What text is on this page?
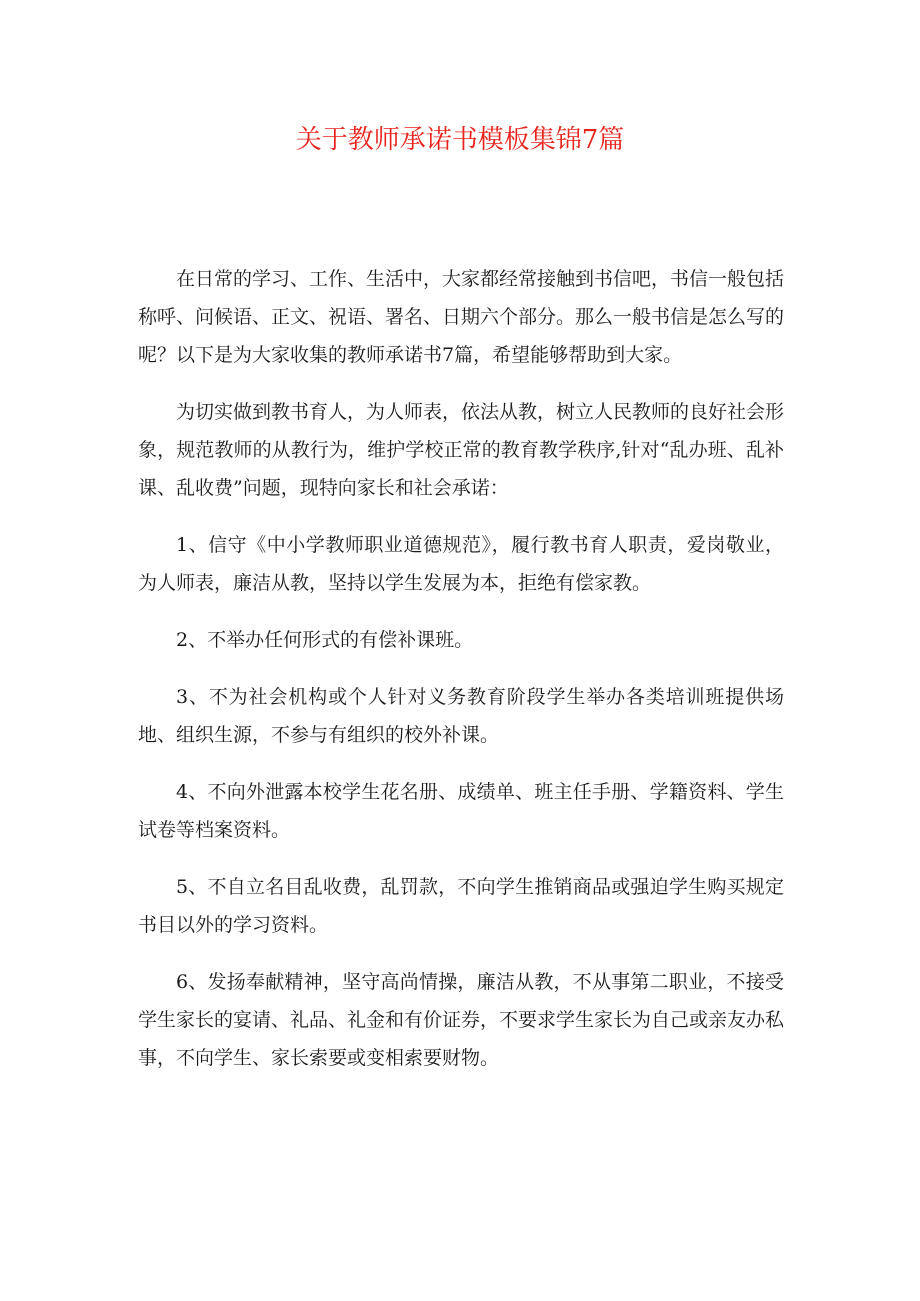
关于教师承诺书模板集锦7篇

在日常的学习、工作、生活中，大家都经常接触到书信吧，书信一般包括称呼、问候语、正文、祝语、署名、日期六个部分。那么一般书信是怎么写的呢？以下是为大家收集的教师承诺书7篇，希望能够帮助到大家。

为切实做到教书育人，为人师表，依法从教，树立人民教师的良好社会形象，规范教师的从教行为，维护学校正常的教育教学秩序,针对“乱办班、乱补课、乱收费”问题，现特向家长和社会承诺：

1、信守《中小学教师职业道德规范》，履行教书育人职责，爱岗敬业，为人师表，廉洁从教，坚持以学生发展为本，拒绝有偿家教。

2、不举办任何形式的有偿补课班。

3、不为社会机构或个人针对义务教育阶段学生举办各类培训班提供场地、组织生源，不参与有组织的校外补课。

4、不向外泄露本校学生花名册、成绩单、班主任手册、学籍资料、学生试卷等档案资料。

5、不自立名目乱收费，乱罚款，不向学生推销商品或强迫学生购买规定书目以外的学习资料。

6、发扬奉献精神，坚守高尚情操，廉洁从教，不从事第二职业，不接受学生家长的宴请、礼品、礼金和有价证券，不要求学生家长为自己或亲友办私事，不向学生、家长索要或变相索要财物。
